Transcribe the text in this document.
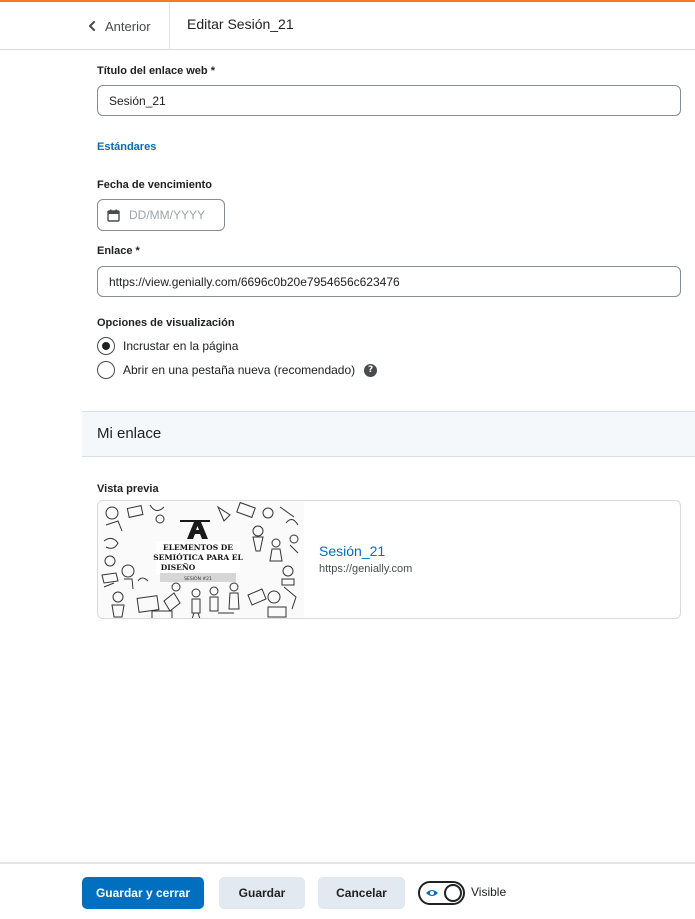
Anterior	Editar Sesión_21
Título del enlace web *
Sesión_21
Estándares
Fecha de vencimiento
DD/MM/YYYY
Enlace *
https://view.genially.com/6696c0b20e7954656c623476
Opciones de visualización
Incrustar en la página
Abrir en una pestaña nueva (recomendado)	?
Mi enlace
Vista previa
ELEMENTOS DE
SEMIÓTICA PARA EL
DISEÑO
SESIÓN #21
Sesión_21
https://genially.com
Guardar y cerrar	Guardar	Cancelar	Visible
